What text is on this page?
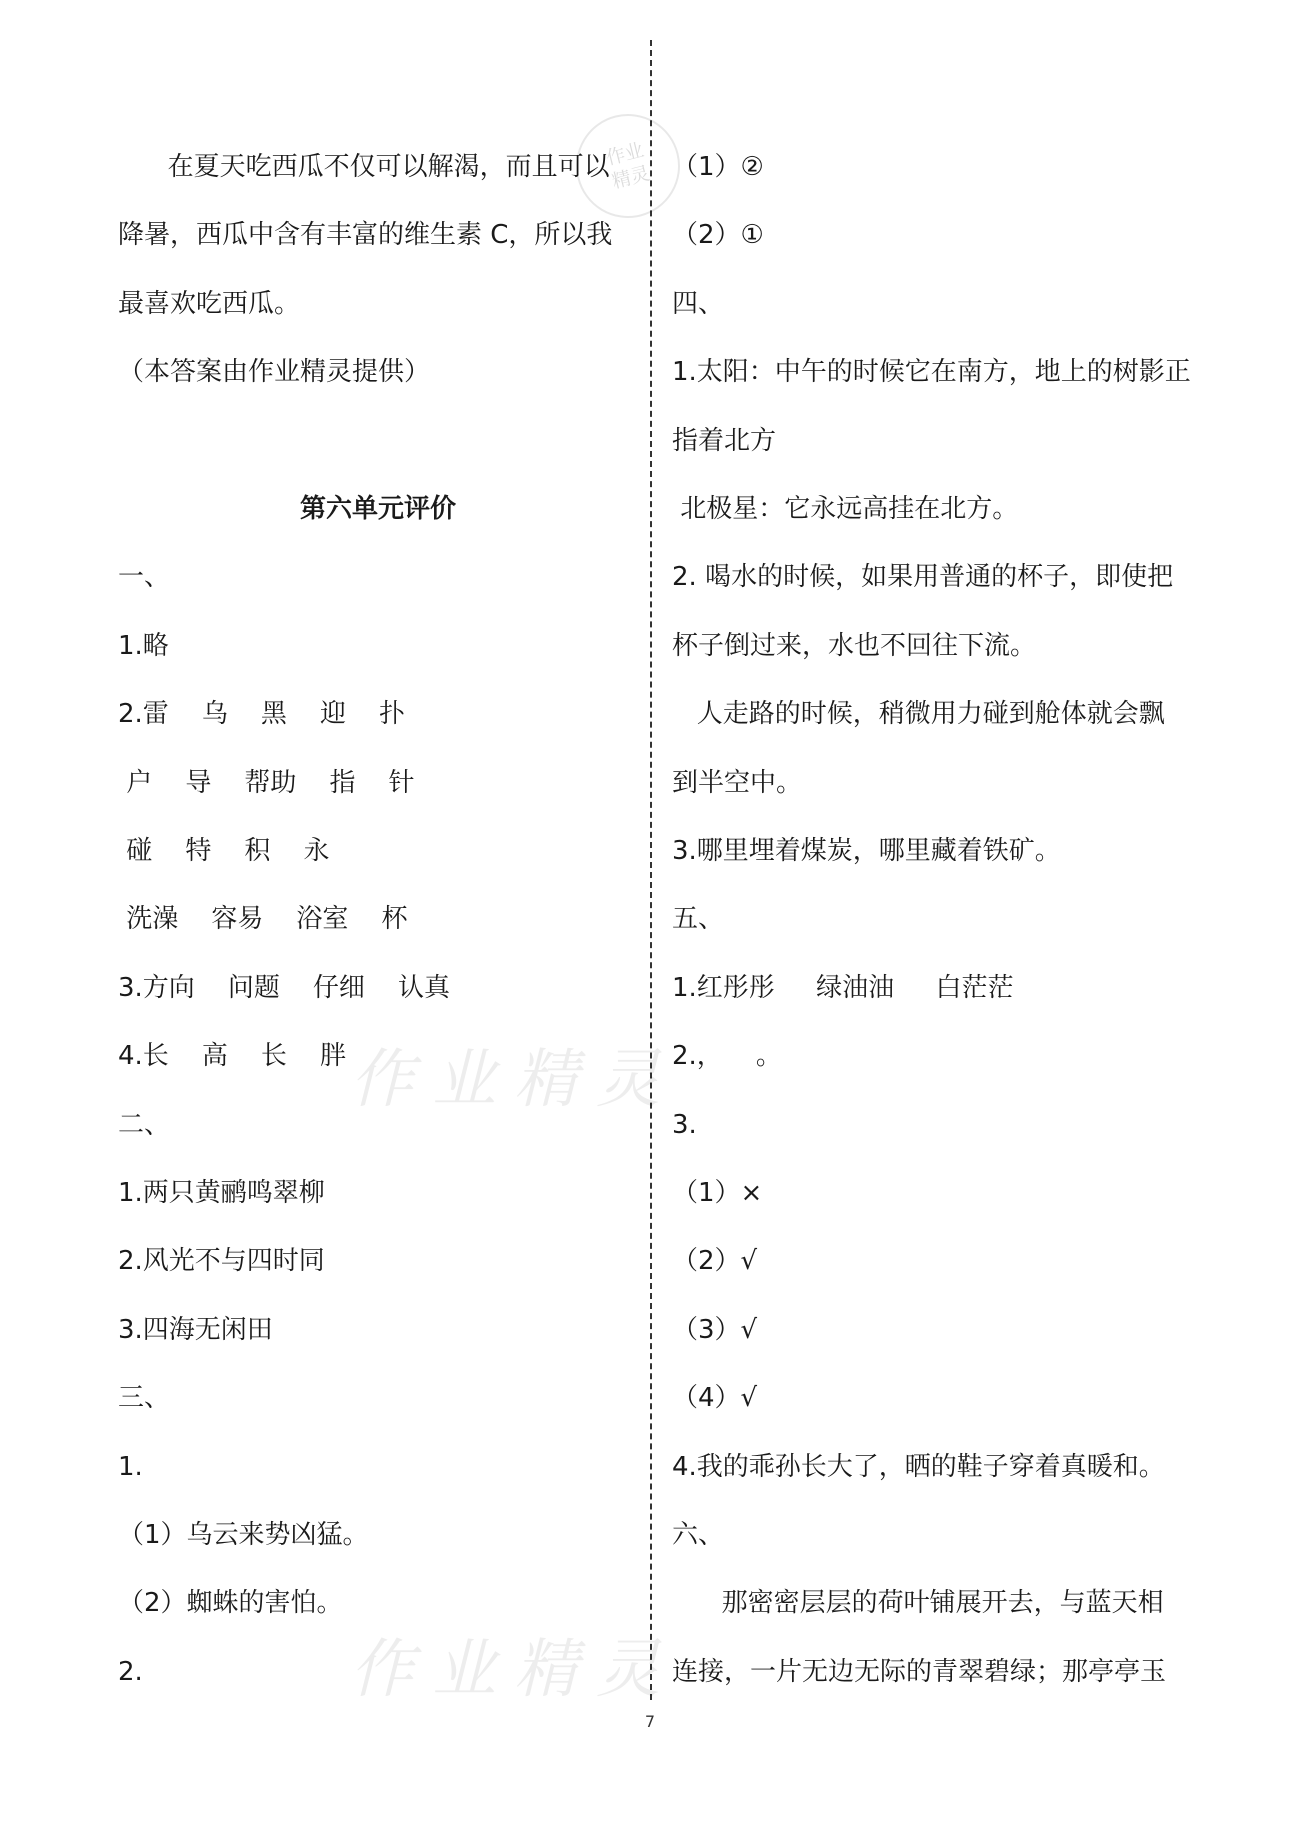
在夏天吃西瓜不仅可以解渴，而且可以
降暑，西瓜中含有丰富的维生素 C，所以我
最喜欢吃西瓜。
（本答案由作业精灵提供）
第六单元评价
一、
1.略
2.雷    乌    黑    迎    扑
户    导    帮助    指    针
碰    特    积    永
洗澡    容易    浴室    杯
3.方向    问题    仔细    认真
4.长    高    长    胖
二、
1.两只黄鹂鸣翠柳
2.风光不与四时同
3.四海无闲田
三、
1.
（1）乌云来势凶猛。
（2）蜘蛛的害怕。
2.
（1）②
（2）①
四、
1.太阳：中午的时候它在南方，地上的树影正
指着北方
北极星：它永远高挂在北方。
2. 喝水的时候，如果用普通的杯子，即使把
杯子倒过来，水也不回往下流。
人走路的时候，稍微用力碰到舱体就会飘
到半空中。
3.哪里埋着煤炭，哪里藏着铁矿。
五、
1.红彤彤     绿油油     白茫茫
2.，    。
3.
（1）×
（2）√
（3）√
（4）√
4.我的乖孙长大了，晒的鞋子穿着真暖和。
六、
那密密层层的荷叶铺展开去，与蓝天相
连接，一片无边无际的青翠碧绿；那亭亭玉
作业
精灵
作业精灵
作业精灵
7
